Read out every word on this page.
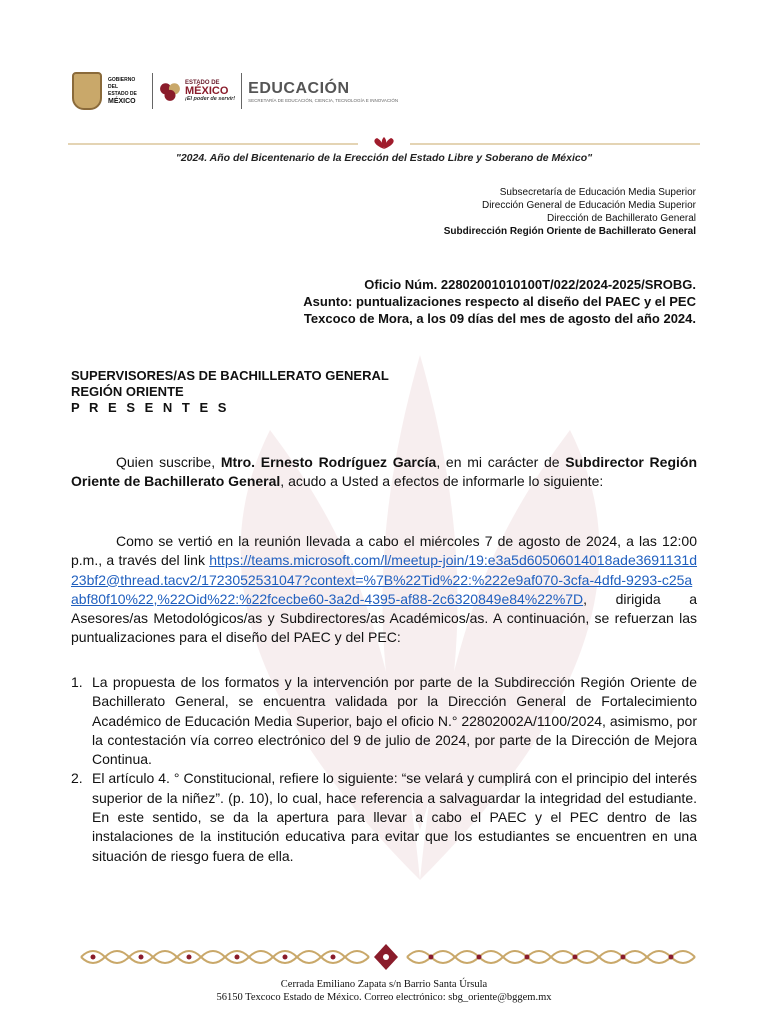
GOBIERNO DEL
ESTADO DE
MÉXICO
ESTADO DE
MÉXICO
¡El poder de servir!
EDUCACIÓN
SECRETARÍA DE EDUCACIÓN, CIENCIA, TECNOLOGÍA E INNOVACIÓN
"2024. Año del Bicentenario de la Erección del Estado Libre y Soberano de México"
Subsecretaría de Educación Media Superior
Dirección General de Educación Media Superior
Dirección de Bachillerato General
Subdirección Región Oriente de Bachillerato General
Oficio Núm. 22802001010100T/022/2024-2025/SROBG.
Asunto: puntualizaciones respecto al diseño del PAEC y el PEC
Texcoco de Mora, a los 09 días del mes de agosto del año 2024.
SUPERVISORES/AS DE BACHILLERATO GENERAL
REGIÓN ORIENTE
P R E S E N T E S
Quien suscribe, Mtro. Ernesto Rodríguez García, en mi carácter de Subdirector Región Oriente de Bachillerato General, acudo a Usted a efectos de informarle lo siguiente:
Como se vertió en la reunión llevada a cabo el miércoles 7 de agosto de 2024, a las 12:00 p.m., a través del link https://teams.microsoft.com/l/meetup-join/19:e3a5d60506014018ade3691131d23bf2@thread.tacv2/1723052531047?context=%7B%22Tid%22:%222e9af070-3cfa-4dfd-9293-c25aabf80f10%22,%22Oid%22:%22fcecbe60-3a2d-4395-af88-2c6320849e84%22%7D, dirigida a Asesores/as Metodológicos/as y Subdirectores/as Académicos/as. A continuación, se refuerzan las puntualizaciones para el diseño del PAEC y del PEC:
1. La propuesta de los formatos y la intervención por parte de la Subdirección Región Oriente de Bachillerato General, se encuentra validada por la Dirección General de Fortalecimiento Académico de Educación Media Superior, bajo el oficio N.° 22802002A/1100/2024, asimismo, por la contestación vía correo electrónico del 9 de julio de 2024, por parte de la Dirección de Mejora Continua.
2. El artículo 4. ° Constitucional, refiere lo siguiente: “se velará y cumplirá con el principio del interés superior de la niñez”. (p. 10), lo cual, hace referencia a salvaguardar la integridad del estudiante. En este sentido, se da la apertura para llevar a cabo el PAEC y el PEC dentro de las instalaciones de la institución educativa para evitar que los estudiantes se encuentren en una situación de riesgo fuera de ella.
Cerrada Emiliano Zapata s/n Barrio Santa Úrsula
56150 Texcoco Estado de México. Correo electrónico: sbg_oriente@bggem.mx
